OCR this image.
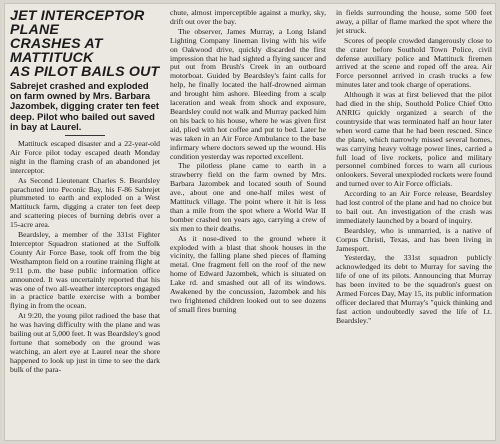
JET INTERCEPTOR PLANE
CRASHES AT MATTITUCK
AS PILOT BAILS OUT
Sabrejet crashed and exploded on farm owned by Mrs. Barbara Jazombek, digging crater ten feet deep. Pilot who bailed out saved in bay at Laurel.

Mattituck escaped disaster and a 22-year-old Air Force pilot today escaped death Monday night in the flaming crash of an abandoned jet interceptor.

As Second Lieutenant Charles S. Beardsley parachuted into Peconic Bay, his F-86 Sabrejet plummeted to earth and exploded on a West Mattituck farm, digging a crater ten feet deep and scattering pieces of burning debris over a 15-acre area.

Beardsley, a member of the 331st Fighter Interceptor Squadron stationed at the Suffolk County Air Force Base, took off from the big Westhampton field on a routine training flight at 9:11 p.m. the base public information office announced. It was uncertainly reported that his was one of two all-weather interceptors engaged in a practice battle exercise with a bomber flying in from the ocean.

At 9:20, the young pilot radioed the base that he was having difficulty with the plane and was bailing out at 5,000 feet. It was Beardsley's good fortune that somebody on the ground was watching, an alert eye at Laurel near the shore happened to look up just in time to see the dark bulk of the para-

chute, almost imperceptible against a murky, sky, drift out over the bay.

The observer, James Murray, a Long Island Lighting Company lineman living with his wife on Oakwood drive, quickly discarded the first impression that he had sighted a flying saucer and put out from Brush's Creek in an outboard motorboat. Guided by Beardsley's faint calls for help, he finally located the half-drowned airman and brought him ashore. Bleeding from a scalp laceration and weak from shock and exposure, Beardsley could not walk and Murray packed him on his back to his house, where he was given first aid, plied with hot coffee and put to bed. Later he was taken in an Air Force Ambulance to the base infirmary where doctors sewed up the wound. His condition yesterday was reported excellent.

The pilotless plane came to earth in a strawberry field on the farm owned by Mrs. Barbara Jazombek and located south of Sound ave., about one and one-half miles west of Mattituck village. The point where it hit is less than a mile from the spot where a World War II bomber crashed ten years ago, carrying a crew of six men to their deaths.

As it nose-dived to the ground where it exploded with a blast that shook houses in the vicinity, the falling plane shed pieces of flaming metal. One fragment fell on the roof of the new home of Edward Jazombek, which is situated on Lake rd. and smashed out all of its windows. Awakened by the concussion, Jazombek and his two frightened children looked out to see dozens of small fires burning

in fields surrounding the house, some 500 feet away, a pillar of flame marked the spot where the jet struck.

Scores of people crowded dangerously close to the crater before Southold Town Police, civil defense auxiliary police and Mattituck firemen arrived at the scene and roped off the area. Air Force personnel arrived in crash trucks a few minutes later and took charge of operations.

Although it was at first believed that the pilot had died in the ship, Southold Police Chief Otto ANRIG quickly organized a search of the countryside that was terminated half an hour later when word came that he had been rescued. Since the plane, which narrowly missed several homes, was carrying heavy voltage power lines, carried a full load of live rockets, police and military personnel combined forces to warn all curious onlookers. Several unexploded rockets were found and turned over to Air Force officials.

According to an Air Force release, Beardsley had lost control of the plane and had no choice but to bail out. An investigation of the crash was immediately launched by a board of inquiry.

Beardsley, who is unmarried, is a native of Corpus Christi, Texas, and has been living in Jamesport.

Yesterday, the 331st squadron publicly acknowledged its debt to Murray for saving the life of one of its pilots. Announcing that Murray has been invited to be the squadron's guest on Armed Forces Day, May 15, its public information officer declared that Murray's "quick thinking and fast action undoubtedly saved the life of Lt. Beardsley."
